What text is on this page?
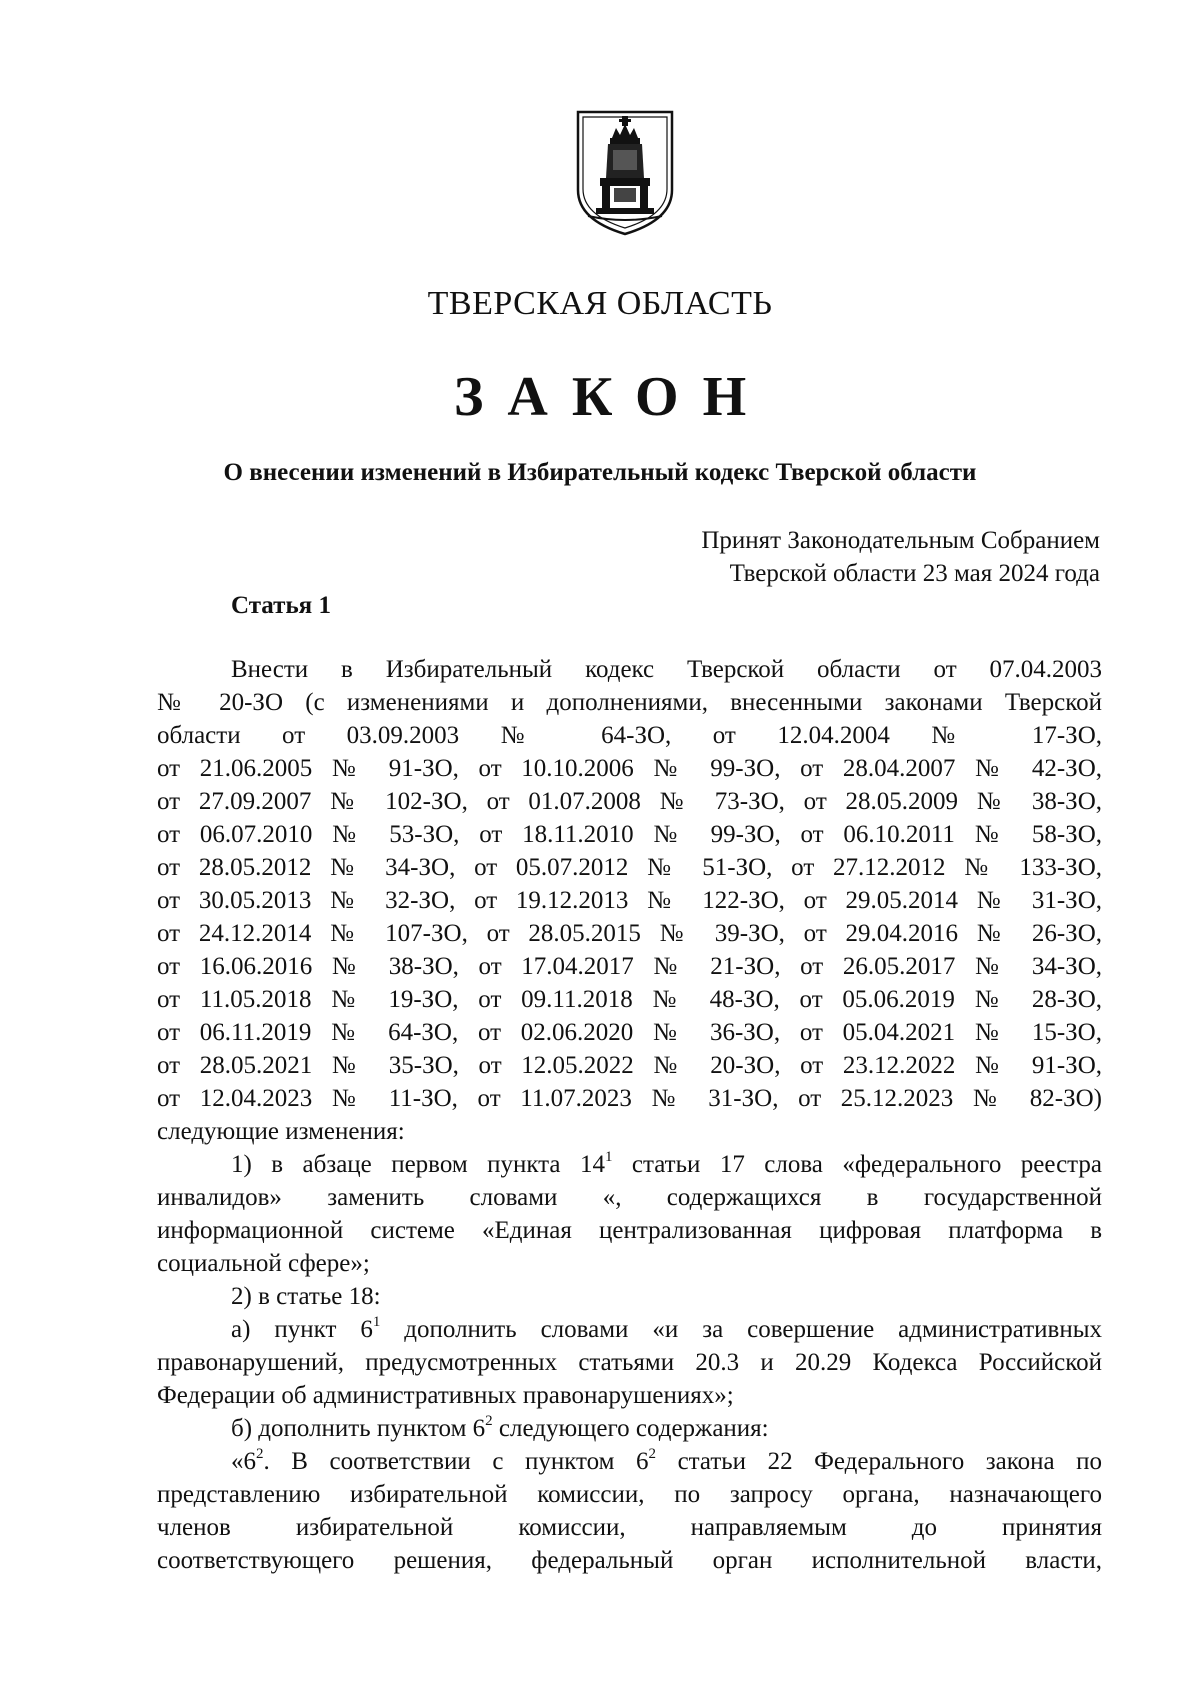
ТВЕРСКАЯ ОБЛАСТЬ
ЗАКОН
О внесении изменений в Избирательный кодекс Тверской области
Принят Законодательным Собранием
Тверской области 23 мая 2024 года
Статья 1
Внести в Избирательный кодекс Тверской области от 07.04.2003
№ 20-ЗО (с изменениями и дополнениями, внесенными законами Тверской
области от 03.09.2003 № 64-ЗО, от 12.04.2004 № 17-ЗО,
от 21.06.2005 № 91-ЗО, от 10.10.2006 № 99-ЗО, от 28.04.2007 № 42-ЗО,
от 27.09.2007 № 102-ЗО, от 01.07.2008 № 73-ЗО, от 28.05.2009 № 38-ЗО,
от 06.07.2010 № 53-ЗО, от 18.11.2010 № 99-ЗО, от 06.10.2011 № 58-ЗО,
от 28.05.2012 № 34-ЗО, от 05.07.2012 № 51-ЗО, от 27.12.2012 № 133-ЗО,
от 30.05.2013 № 32-ЗО, от 19.12.2013 № 122-ЗО, от 29.05.2014 № 31-ЗО,
от 24.12.2014 № 107-ЗО, от 28.05.2015 № 39-ЗО, от 29.04.2016 № 26-ЗО,
от 16.06.2016 № 38-ЗО, от 17.04.2017 № 21-ЗО, от 26.05.2017 № 34-ЗО,
от 11.05.2018 № 19-ЗО, от 09.11.2018 № 48-ЗО, от 05.06.2019 № 28-ЗО,
от 06.11.2019 № 64-ЗО, от 02.06.2020 № 36-ЗО, от 05.04.2021 № 15-ЗО,
от 28.05.2021 № 35-ЗО, от 12.05.2022 № 20-ЗО, от 23.12.2022 № 91-ЗО,
от 12.04.2023 № 11-ЗО, от 11.07.2023 № 31-ЗО, от 25.12.2023 № 82-ЗО)
следующие изменения:
1) в абзаце первом пункта $14^1$ статьи 17 слова «федерального реестра
инвалидов» заменить словами «, содержащихся в государственной
информационной системе «Единая централизованная цифровая платформа в
социальной сфере»;
2) в статье 18:
а) пункт $6^1$ дополнить словами «и за совершение административных
правонарушений, предусмотренных статьями 20.3 и 20.29 Кодекса Российской
Федерации об административных правонарушениях»;
б) дополнить пунктом $6^2$ следующего содержания:
«$6^2$. В соответствии с пунктом $6^2$ статьи 22 Федерального закона по
представлению избирательной комиссии, по запросу органа, назначающего
членов избирательной комиссии, направляемым до принятия
соответствующего решения, федеральный орган исполнительной власти,
